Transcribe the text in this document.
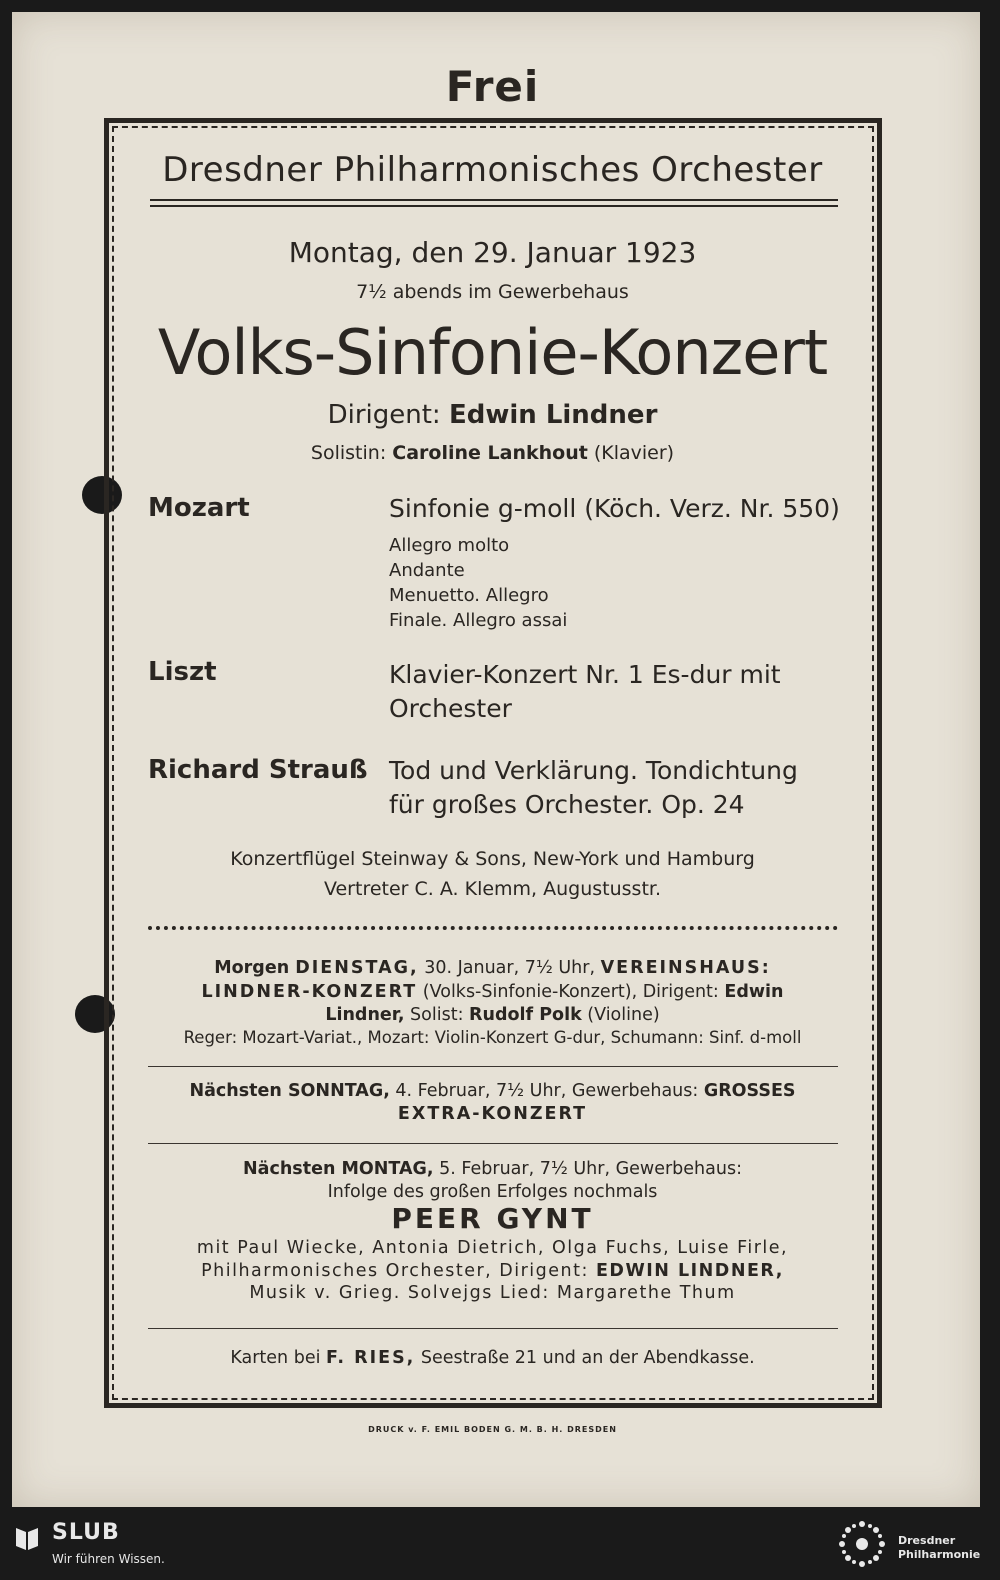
Frei
Dresdner Philharmonisches Orchester
Montag, den 29. Januar 1923
7½ abends im Gewerbehaus
Volks-Sinfonie-Konzert
Dirigent: Edwin Lindner
Solistin: Caroline Lankhout (Klavier)
Mozart	Sinfonie g-moll (Köch. Verz. Nr. 550)
Allegro molto
Andante
Menuetto. Allegro
Finale. Allegro assai
Liszt	Klavier-Konzert Nr. 1 Es-dur mit
Orchester
Richard Strauß Tod und Verklärung. Tondichtung
für großes Orchester. Op. 24
Konzertflügel Steinway & Sons, New-York und Hamburg
Vertreter C. A. Klemm, Augustusstr.
Morgen DIENSTAG, 30. Januar, 7½ Uhr, VEREINSHAUS:
LINDNER-KONZERT (Volks-Sinfonie-Konzert), Dirigent: Edwin
Lindner, Solist: Rudolf Polk (Violine)
Reger: Mozart-Variat., Mozart: Violin-Konzert G-dur, Schumann: Sinf. d-moll
Nächsten SONNTAG, 4. Februar, 7½ Uhr, Gewerbehaus: GROSSES
EXTRA-KONZERT
Nächsten MONTAG, 5. Februar, 7½ Uhr, Gewerbehaus:
Infolge des großen Erfolges nochmals
PEER GYNT
mit Paul Wiecke, Antonia Dietrich, Olga Fuchs, Luise Firle,
Philharmonisches Orchester, Dirigent: EDWIN LINDNER,
Musik v. Grieg. Solvejgs Lied: Margarethe Thum
Karten bei F. RIES, Seestraße 21 und an der Abendkasse.
DRUCK v. F. EMIL BODEN G. M. B. H. DRESDEN
SLUB
Wir führen Wissen.
Dresdner
Philharmonie
